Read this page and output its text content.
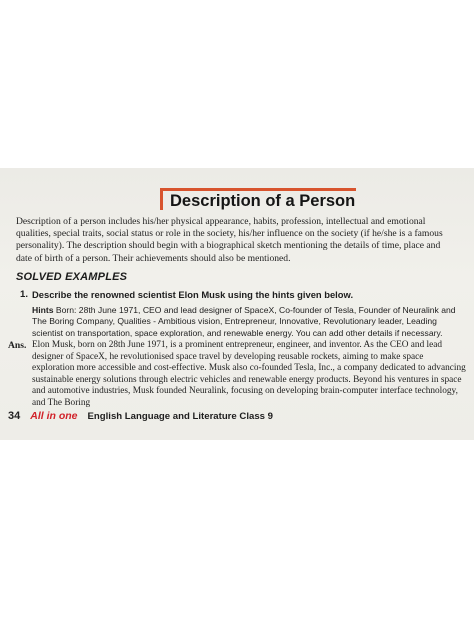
Description of a Person

Description of a person includes his/her physical appearance, habits, profession, intellectual and emotional qualities, special traits, social status or role in the society, his/her influence on the society (if he/she is a famous personality). The description should begin with a biographical sketch mentioning the details of time, place and date of birth of a person. Their achievements should also be mentioned.

SOLVED EXAMPLES
1. Describe the renowned scientist Elon Musk using the hints given below.

Hints Born: 28th June 1971, CEO and lead designer of SpaceX, Co-founder of Tesla, Founder of Neuralink and The Boring Company, Qualities - Ambitious vision, Entrepreneur, Innovative, Revolutionary leader, Leading scientist on transportation, space exploration, and renewable energy. You can add other details if necessary.

Ans. Elon Musk, born on 28th June 1971, is a prominent entrepreneur, engineer, and inventor. As the CEO and lead designer of SpaceX, he revolutionised space travel by developing reusable rockets, aiming to make space exploration more accessible and cost-effective. Musk also co-founded Tesla, Inc., a company dedicated to advancing sustainable energy solutions through electric vehicles and renewable energy products. Beyond his ventures in space and automotive industries, Musk founded Neuralink, focusing on developing brain-computer interface technology, and The Boring

34 All in one English Language and Literature Class 9
